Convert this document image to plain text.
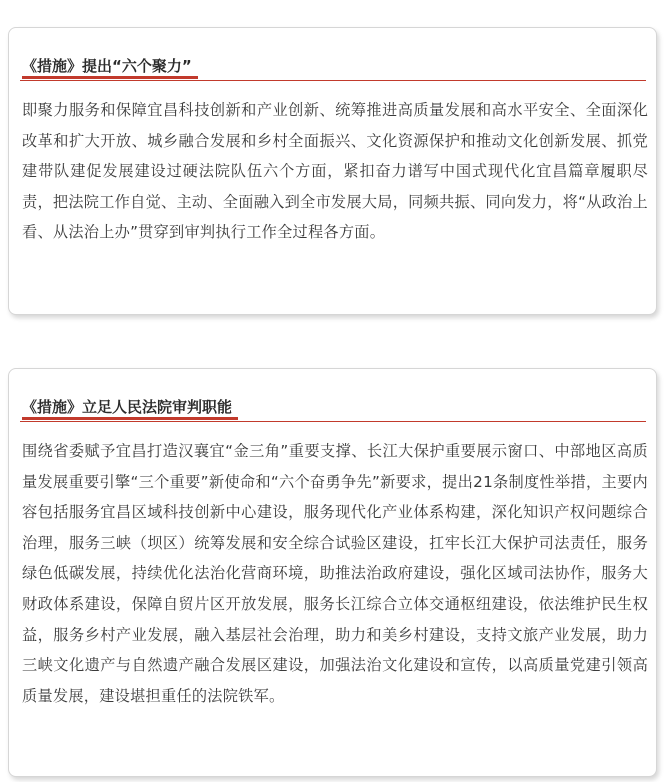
《措施》提出“六个聚力”

即聚力服务和保障宜昌科技创新和产业创新、统筹推进高质量发展和高水平安全、全面深化改革和扩大开放、城乡融合发展和乡村全面振兴、文化资源保护和推动文化创新发展、抓党建带队建促发展建设过硬法院队伍六个方面，紧扣奋力谱写中国式现代化宜昌篇章履职尽责，把法院工作自觉、主动、全面融入到全市发展大局，同频共振、同向发力，将“从政治上看、从法治上办”贯穿到审判执行工作全过程各方面。

《措施》立足人民法院审判职能

围绕省委赋予宜昌打造汉襄宜“金三角”重要支撑、长江大保护重要展示窗口、中部地区高质量发展重要引擎“三个重要”新使命和“六个奋勇争先”新要求，提出21条制度性举措，主要内容包括服务宜昌区域科技创新中心建设，服务现代化产业体系构建，深化知识产权问题综合治理，服务三峡（坝区）统筹发展和安全综合试验区建设，扛牢长江大保护司法责任，服务绿色低碳发展，持续优化法治化营商环境，助推法治政府建设，强化区域司法协作，服务大财政体系建设，保障自贸片区开放发展，服务长江综合立体交通枢纽建设，依法维护民生权益，服务乡村产业发展，融入基层社会治理，助力和美乡村建设，支持文旅产业发展，助力三峡文化遗产与自然遗产融合发展区建设，加强法治文化建设和宣传，以高质量党建引领高质量发展，建设堪担重任的法院铁军。
